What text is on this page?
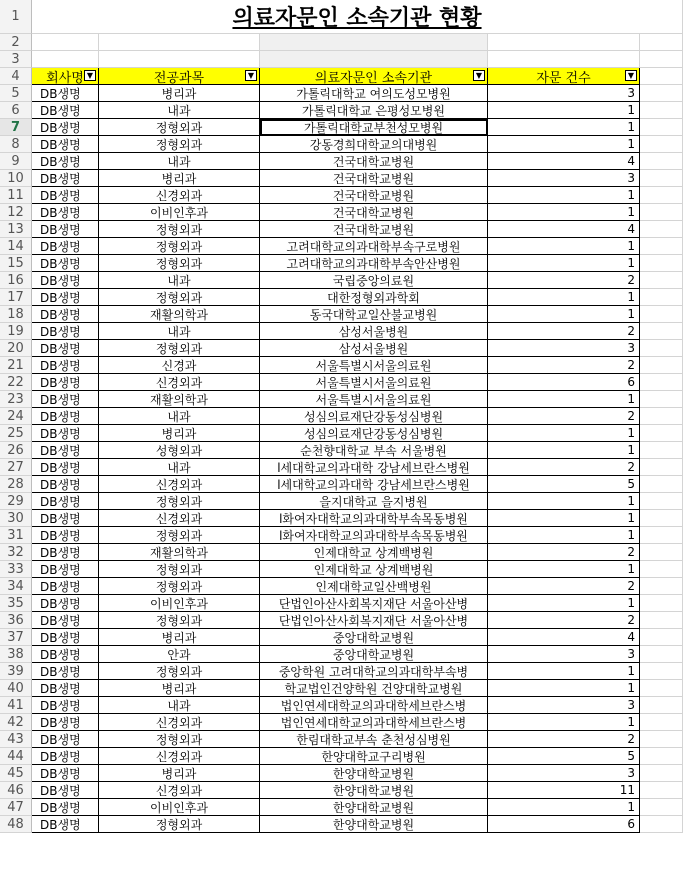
1	의료자문인 소속기관 현황
2
3
4	회사명 ▼	전공과목	▼	의료자문인 소속기관	▼	자문 건수	▼
5	DB생명	병리과	가톨릭대학교 여의도성모병원	3
6	DB생명	내과	가톨릭대학교 은평성모병원	1
7	DB생명	정형외과	가톨릭대학교부천성모병원	1
8	DB생명	정형외과	강동경희대학교의대병원	1
9	DB생명	내과	건국대학교병원	4
10	DB생명	병리과	건국대학교병원	3
11	DB생명	신경외과	건국대학교병원	1
12	DB생명	이비인후과	건국대학교병원	1
13	DB생명	정형외과	건국대학교병원	4
14	DB생명	정형외과	고려대학교의과대학부속구로병원	1
15	DB생명	정형외과	고려대학교의과대학부속안산병원	1
16	DB생명	내과	국립중앙의료원	2
17	DB생명	정형외과	대한정형외과학회	1
18	DB생명	재활의학과	동국대학교일산불교병원	1
19	DB생명	내과	삼성서울병원	2
20	DB생명	정형외과	삼성서울병원	3
21	DB생명	신경과	서울특별시서울의료원	2
22	DB생명	신경외과	서울특별시서울의료원	6
23	DB생명	재활의학과	서울특별시서울의료원	1
24	DB생명	내과	성심의료재단강동성심병원	2
25	DB생명	병리과	성심의료재단강동성심병원	1
26	DB생명	성형외과	순천향대학교 부속 서울병원	1
27	DB생명	내과	l세대학교의과대학 강남세브란스병원	2
28	DB생명	신경외과	l세대학교의과대학 강남세브란스병원	5
29	DB생명	정형외과	을지대학교 을지병원	1
30	DB생명	신경외과	l화여자대학교의과대학부속목동병원	1
31	DB생명	정형외과	l화여자대학교의과대학부속목동병원	1
32	DB생명	재활의학과	인제대학교 상계백병원	2
33	DB생명	정형외과	인제대학교 상계백병원	1
34	DB생명	정형외과	인제대학교일산백병원	2
35	DB생명	이비인후과	단법인아산사회복지재단 서울아산병	1
36	DB생명	정형외과	단법인아산사회복지재단 서울아산병	2
37	DB생명	병리과	중앙대학교병원	4
38	DB생명	안과	중앙대학교병원	3
39	DB생명	정형외과	중앙학원 고려대학교의과대학부속병	1
40	DB생명	병리과	학교법인건양학원 건양대학교병원	1
41	DB생명	내과	법인연세대학교의과대학세브란스병	3
42	DB생명	신경외과	법인연세대학교의과대학세브란스병	1
43	DB생명	정형외과	한림대학교부속 춘천성심병원	2
44	DB생명	신경외과	한양대학교구리병원	5
45	DB생명	병리과	한양대학교병원	3
46	DB생명	신경외과	한양대학교병원	11
47	DB생명	이비인후과	한양대학교병원	1
48	DB생명	정형외과	한양대학교병원	6
